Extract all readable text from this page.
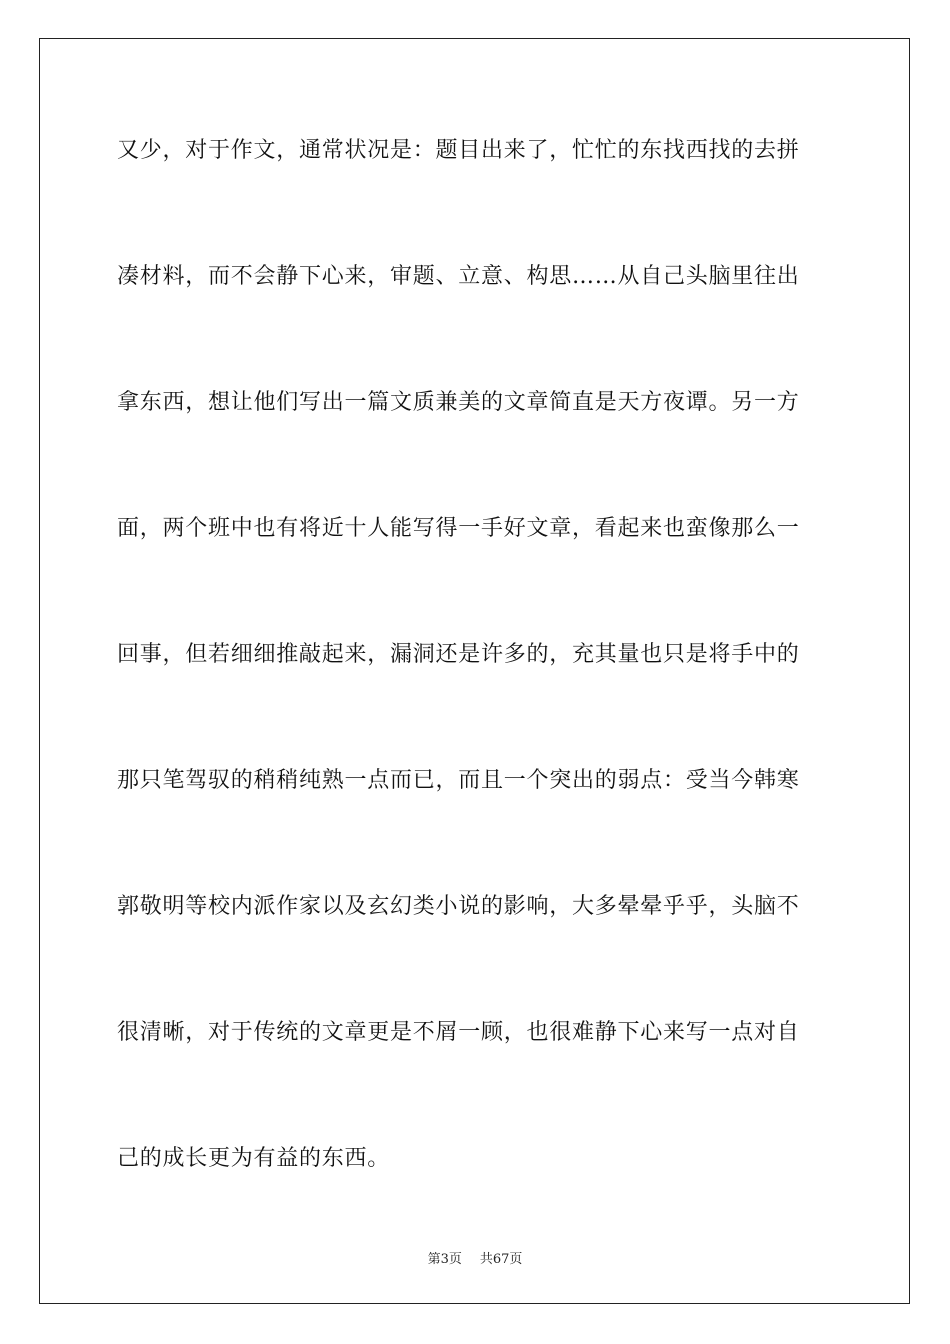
又少，对于作文，通常状况是：题目出来了，忙忙的东找西找的去拼
凑材料，而不会静下心来，审题、立意、构思……从自己头脑里往出
拿东西，想让他们写出一篇文质兼美的文章简直是天方夜谭。另一方
面，两个班中也有将近十人能写得一手好文章，看起来也蛮像那么一
回事，但若细细推敲起来，漏洞还是许多的，充其量也只是将手中的
那只笔驾驭的稍稍纯熟一点而已，而且一个突出的弱点：受当今韩寒
郭敬明等校内派作家以及玄幻类小说的影响，大多晕晕乎乎，头脑不
很清晰，对于传统的文章更是不屑一顾，也很难静下心来写一点对自
己的成长更为有益的东西。
第3页 共67页
